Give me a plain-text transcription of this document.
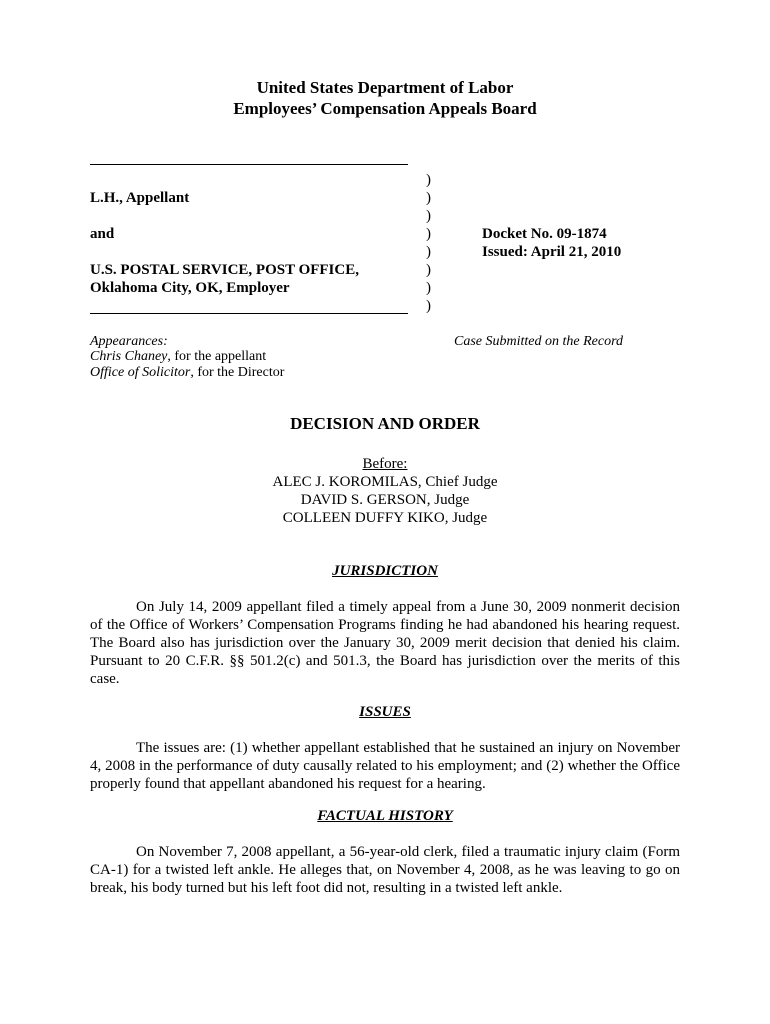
United States Department of Labor
Employees’ Compensation Appeals Board
L.H., Appellant
and
U.S. POSTAL SERVICE, POST OFFICE,
Oklahoma City, OK, Employer
)
)
)
)
)
)
)
)
Docket No. 09-1874
Issued: April 21, 2010
Appearances:
Chris Chaney, for the appellant
Office of Solicitor, for the Director
Case Submitted on the Record
DECISION AND ORDER
Before:
ALEC J. KOROMILAS, Chief Judge
DAVID S. GERSON, Judge
COLLEEN DUFFY KIKO, Judge
JURISDICTION
On July 14, 2009 appellant filed a timely appeal from a June 30, 2009 nonmerit decision of the Office of Workers’ Compensation Programs finding he had abandoned his hearing request. The Board also has jurisdiction over the January 30, 2009 merit decision that denied his claim. Pursuant to 20 C.F.R. §§ 501.2(c) and 501.3, the Board has jurisdiction over the merits of this case.
ISSUES
The issues are: (1) whether appellant established that he sustained an injury on November 4, 2008 in the performance of duty causally related to his employment; and (2) whether the Office properly found that appellant abandoned his request for a hearing.
FACTUAL HISTORY
On November 7, 2008 appellant, a 56-year-old clerk, filed a traumatic injury claim (Form CA-1) for a twisted left ankle. He alleges that, on November 4, 2008, as he was leaving to go on break, his body turned but his left foot did not, resulting in a twisted left ankle.
